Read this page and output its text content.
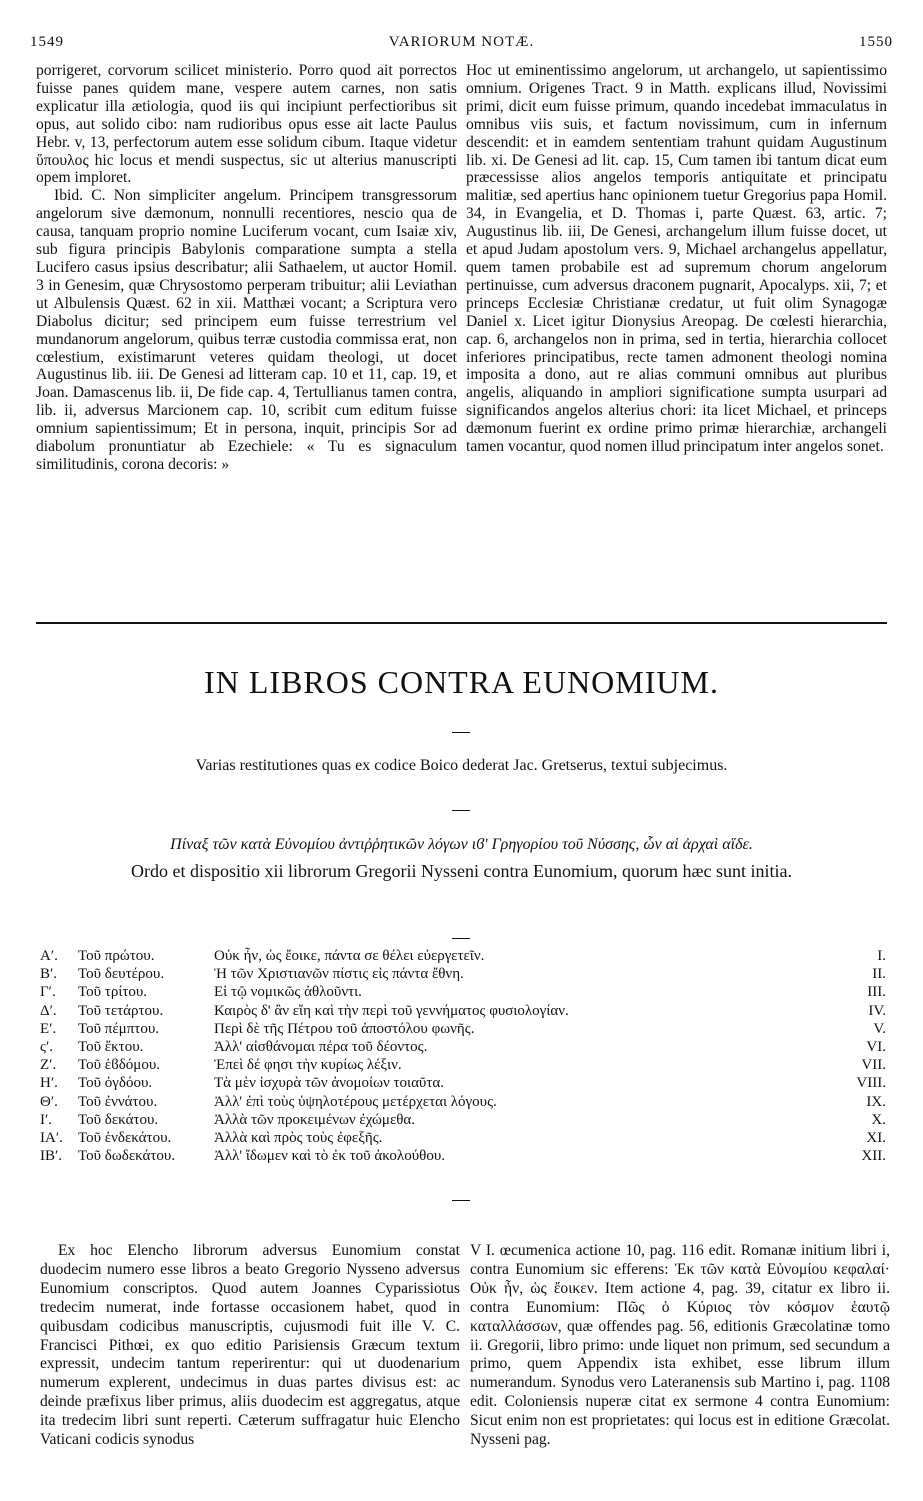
1549	VARIORUM NOTÆ.	1550

porrigeret, corvorum scilicet ministerio. Porro quod ait porrectos fuisse panes quidem mane, vespere autem carnes, non satis explicatur illa ætiologia, quod iis qui incipiunt perfectioribus sit opus, aut solido cibo: nam rudioribus opus esse ait lacte Paulus Hebr. v, 13, perfectorum autem esse solidum cibum. Itaque videtur ὕπουλος hic locus et mendi suspectus, sic ut alterius manuscripti opem imploret.

Ibid. C. Non simpliciter angelum. Principem transgressorum angelorum sive dæmonum, nonnulli recentiores, nescio qua de causa, tanquam proprio nomine Luciferum vocant, cum Isaiæ xiv, sub figura principis Babylonis comparatione sumpta a stella Lucifero casus ipsius describatur; alii Sathaelem, ut auctor Homil. 3 in Genesim, quæ Chrysostomo perperam tribuitur; alii Leviathan ut Albulensis Quæst. 62 in xii. Matthæi vocant; a Scriptura vero Diabolus dicitur; sed principem eum fuisse terrestrium vel mundanorum angelorum, quibus terræ custodia commissa erat, non cœlestium, existimarunt veteres quidam theologi, ut docet Augustinus lib. iii. De Genesi ad litteram cap. 10 et 11, cap. 19, et Joan. Damascenus lib. ii, De fide cap. 4, Tertullianus tamen contra, lib. ii, adversus Marcionem cap. 10, scribit cum editum fuisse omnium sapientissimum; Et in persona, inquit, principis Sor ad diabolum pronuntiatur ab Ezechiele: « Tu es signaculum similitudinis, corona decoris: »

Hoc ut eminentissimo angelorum, ut archangelo, ut sapientissimo omnium. Origenes Tract. 9 in Matth. explicans illud, Novissimi primi, dicit eum fuisse primum, quando incedebat immaculatus in omnibus viis suis, et factum novissimum, cum in infernum descendit: et in eamdem sententiam trahunt quidam Augustinum lib. xi. De Genesi ad lit. cap. 15, Cum tamen ibi tantum dicat eum præcessisse alios angelos temporis antiquitate et principatu malitiæ, sed apertius hanc opinionem tuetur Gregorius papa Homil. 34, in Evangelia, et D. Thomas i, parte Quæst. 63, artic. 7; Augustinus lib. iii, De Genesi, archangelum illum fuisse docet, ut et apud Judam apostolum vers. 9, Michael archangelus appellatur, quem tamen probabile est ad supremum chorum angelorum pertinuisse, cum adversus draconem pugnarit, Apocalyps. xii, 7; et princeps Ecclesiæ Christianæ credatur, ut fuit olim Synagogæ Daniel x. Licet igitur Dionysius Areopag. De cœlesti hierarchia, cap. 6, archangelos non in prima, sed in tertia, hierarchia collocet inferiores principatibus, recte tamen admonent theologi nomina imposita a dono, aut re alias communi omnibus aut pluribus angelis, aliquando in ampliori significatione sumpta usurpari ad significandos angelos alterius chori: ita licet Michael, et princeps dæmonum fuerint ex ordine primo primæ hierarchiæ, archangeli tamen vocantur, quod nomen illud principatum inter angelos sonet.

IN LIBROS CONTRA EUNOMIUM.
Varias restitutiones quas ex codice Boico dederat Jac. Gretserus, textui subjecimus.
Πίναξ τῶν κατὰ Εὐνομίου ἀντιῤῥητικῶν λόγων ιϐʹ Γρηγορίου τοῦ Νύσσης, ὧν αἱ ἀρχαὶ αἵδε.
Ordo et dispositio xii librorum Gregorii Nysseni contra Eunomium, quorum hæc sunt initia.
Aʹ.	Τοῦ πρώτου.	Οὐκ ἦν, ὡς ἔοικε, πάντα σε θέλει εὐεργετεῖν.	I.
Bʹ.	Τοῦ δευτέρου.	Ἡ τῶν Χριστιανῶν πίστις εἰς πάντα ἔθνη.	II.
Γʹ.	Τοῦ τρίτου.	Εἰ τῷ νομικῶς ἀθλοῦντι.	III.
Δʹ.	Τοῦ τετάρτου.	Καιρὸς δ' ἂν εἴη καὶ τὴν περὶ τοῦ γεννήματος φυσιολογίαν.	IV.
Eʹ.	Τοῦ πέμπτου.	Περὶ δὲ τῆς Πέτρου τοῦ ἀποστόλου φωνῆς.	V.
ςʹ.	Τοῦ ἕκτου.	Ἀλλ' αἰσθάνομαι πέρα τοῦ δέοντος.	VI.
Zʹ.	Τοῦ ἑϐδόμου.	Ἐπεὶ δέ φησι τὴν κυρίως λέξιν.	VII.
Hʹ.	Τοῦ ὀγδόου.	Τὰ μὲν ἰσχυρὰ τῶν ἀνομοίων τοιαῦτα.	VIII.
Θʹ.	Τοῦ ἐννάτου.	Ἀλλ' ἐπὶ τοὺς ὑψηλοτέρους μετέρχεται λόγους.	IX.
Iʹ.	Τοῦ δεκάτου.	Ἀλλὰ τῶν προκειμένων ἐχώμεθα.	X.
IAʹ.	Τοῦ ἑνδεκάτου.	Ἀλλὰ καὶ πρὸς τοὺς ἐφεξῆς.	XI.
IBʹ.	Τοῦ δωδεκάτου.	Ἀλλ' ἴδωμεν καὶ τὸ ἐκ τοῦ ἀκολούθου.	XII.

Ex hoc Elencho librorum adversus Eunomium constat duodecim numero esse libros a beato Gregorio Nysseno adversus Eunomium conscriptos. Quod autem Joannes Cyparissiotus tredecim numerat, inde fortasse occasionem habet, quod in quibusdam codicibus manuscriptis, cujusmodi fuit ille V. C. Francisci Pithœi, ex quo editio Parisiensis Græcum textum expressit, undecim tantum reperirentur: qui ut duodenarium numerum explerent, undecimus in duas partes divisus est: ac deinde præfixus liber primus, aliis duodecim est aggregatus, atque ita tredecim libri sunt reperti. Cæterum suffragatur huic Elencho Vaticani codicis synodus

V I. œcumenica actione 10, pag. 116 edit. Romanæ initium libri i, contra Eunomium sic efferens: Ἐκ τῶν κατὰ Εὐνομίου κεφαλαί· Οὐκ ἦν, ὡς ἔοικεν. Item actione 4, pag. 39, citatur ex libro ii. contra Eunomium: Πῶς ὁ Κύριος τὸν κόσμον ἑαυτῷ καταλλάσσων, quæ offendes pag. 56, editionis Græcolatinæ tomo ii. Gregorii, libro primo: unde liquet non primum, sed secundum a primo, quem Appendix ista exhibet, esse librum illum numerandum. Synodus vero Lateranensis sub Martino i, pag. 1108 edit. Coloniensis nuperæ citat ex sermone 4 contra Eunomium: Sicut enim non est proprietates: qui locus est in editione Græcolat. Nysseni pag.
